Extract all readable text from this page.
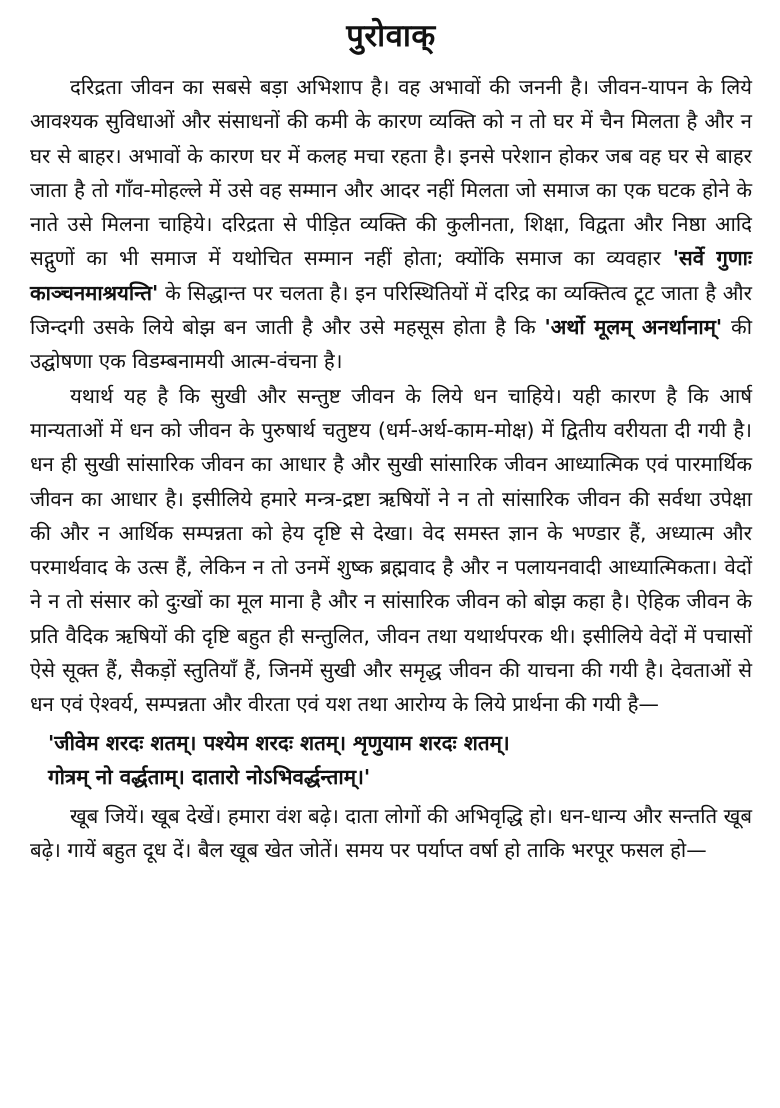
पुरोवाक्

दरिद्रता जीवन का सबसे बड़ा अभिशाप है। वह अभावों की जननी है। जीवन-यापन के लिये आवश्यक सुविधाओं और संसाधनों की कमी के कारण व्यक्ति को न तो घर में चैन मिलता है और न घर से बाहर। अभावों के कारण घर में कलह मचा रहता है। इनसे परेशान होकर जब वह घर से बाहर जाता है तो गाँव-मोहल्ले में उसे वह सम्मान और आदर नहीं मिलता जो समाज का एक घटक होने के नाते उसे मिलना चाहिये। दरिद्रता से पीड़ित व्यक्ति की कुलीनता, शिक्षा, विद्वता और निष्ठा आदि सद्गुणों का भी समाज में यथोचित सम्मान नहीं होता; क्योंकि समाज का व्यवहार 'सर्वे गुणाः काञ्चनमाश्रयन्ति' के सिद्धान्त पर चलता है। इन परिस्थितियों में दरिद्र का व्यक्तित्व टूट जाता है और जिन्दगी उसके लिये बोझ बन जाती है और उसे महसूस होता है कि 'अर्थो मूलम् अनर्थानाम्' की उद्घोषणा एक विडम्बनामयी आत्म-वंचना है।

यथार्थ यह है कि सुखी और सन्तुष्ट जीवन के लिये धन चाहिये। यही कारण है कि आर्ष मान्यताओं में धन को जीवन के पुरुषार्थ चतुष्टय (धर्म-अर्थ-काम-मोक्ष) में द्वितीय वरीयता दी गयी है। धन ही सुखी सांसारिक जीवन का आधार है और सुखी सांसारिक जीवन आध्यात्मिक एवं पारमार्थिक जीवन का आधार है। इसीलिये हमारे मन्त्र-द्रष्टा ऋषियों ने न तो सांसारिक जीवन की सर्वथा उपेक्षा की और न आर्थिक सम्पन्नता को हेय दृष्टि से देखा। वेद समस्त ज्ञान के भण्डार हैं, अध्यात्म और परमार्थवाद के उत्स हैं, लेकिन न तो उनमें शुष्क ब्रह्मवाद है और न पलायनवादी आध्यात्मिकता। वेदों ने न तो संसार को दुःखों का मूल माना है और न सांसारिक जीवन को बोझ कहा है। ऐहिक जीवन के प्रति वैदिक ऋषियों की दृष्टि बहुत ही सन्तुलित, जीवन तथा यथार्थपरक थी। इसीलिये वेदों में पचासों ऐसे सूक्त हैं, सैकड़ों स्तुतियाँ हैं, जिनमें सुखी और समृद्ध जीवन की याचना की गयी है। देवताओं से धन एवं ऐश्वर्य, सम्पन्नता और वीरता एवं यश तथा आरोग्य के लिये प्रार्थना की गयी है—

'जीवेम शरदः शतम्। पश्येम शरदः शतम्। शृणुयाम शरदः शतम्।
गोत्रम् नो वर्द्धताम्। दातारो नोऽभिवर्द्धन्ताम्।'

खूब जियें। खूब देखें। हमारा वंश बढ़े। दाता लोगों की अभिवृद्धि हो। धन-धान्य और सन्तति खूब बढ़े। गायें बहुत दूध दें। बैल खूब खेत जोतें। समय पर पर्याप्त वर्षा हो ताकि भरपूर फसल हो—
